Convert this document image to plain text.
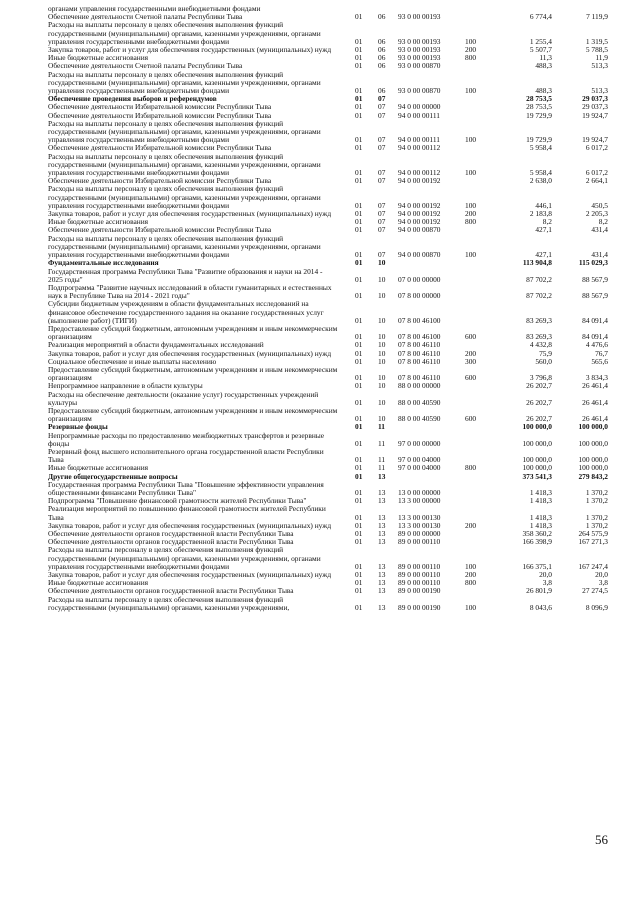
органами управления государственными внебюджетными фондами
Обеспечение деятельности Счетной палаты Республики Тыва	01 06 93 0 00 00193	6 774,4	7 119,9
Расходы на выплаты персоналу в целях обеспечения выполнения функций государственными (муниципальными) органами, казенными учреждениями, органами управления государственными внебюджетными фондами	01 06 93 0 00 00193	100	1 255,4	1 319,5
Закупка товаров, работ и услуг для обеспечения государственных (муниципальных) нужд	01 06 93 0 00 00193	200	5 507,7	5 788,5
Иные бюджетные ассигнования	01 06 93 0 00 00193	800	11,3	11,9
Обеспечение деятельности Счетной палаты Республики Тыва	01 06 93 0 00 00870	488,3	513,3
Расходы на выплаты персоналу в целях обеспечения выполнения функций государственными (муниципальными) органами, казенными учреждениями, органами управления государственными внебюджетными фондами	01 06 93 0 00 00870	100	488,3	513,3
Обеспечение проведения выборов и референдумов	01 07	28 753,5	29 037,3
Обеспечение деятельности Избирательной комиссии Республики Тыва	01 07 94 0 00 00000	28 753,5	29 037,3
Обеспечение деятельности Избирательной комиссии Республики Тыва	01 07 94 0 00 00111	19 729,9	19 924,7
Расходы на выплаты персоналу в целях обеспечения выполнения функций государственными (муниципальными) органами, казенными учреждениями, органами управления государственными внебюджетными фондами	01 07 94 0 00 00111	100	19 729,9	19 924,7
Обеспечение деятельности Избирательной комиссии Республики Тыва	01 07 94 0 00 00112	5 958,4	6 017,2
Расходы на выплаты персоналу в целях обеспечения выполнения функций государственными (муниципальными) органами, казенными учреждениями, органами управления государственными внебюджетными фондами	01 07 94 0 00 00112	100	5 958,4	6 017,2
Обеспечение деятельности Избирательной комиссии Республики Тыва	01 07 94 0 00 00192	2 638,0	2 664,1
Расходы на выплаты персоналу в целях обеспечения выполнения функций государственными (муниципальными) органами, казенными учреждениями, органами управления государственными внебюджетными фондами	01 07 94 0 00 00192	100	446,1	450,5
Закупка товаров, работ и услуг для обеспечения государственных (муниципальных) нужд	01 07 94 0 00 00192	200	2 183,8	2 205,3
Иные бюджетные ассигнования	01 07 94 0 00 00192	800	8,2	8,2
Обеспечение деятельности Избирательной комиссии Республики Тыва	01 07 94 0 00 00870	427,1	431,4
Расходы на выплаты персоналу в целях обеспечения выполнения функций государственными (муниципальными) органами, казенными учреждениями, органами управления государственными внебюджетными фондами	01 07 94 0 00 00870	100	427,1	431,4
Фундаментальные исследования	01 10	113 904,8	115 029,3
Государственная программа Республики Тыва "Развитие образования и науки на 2014 - 2025 годы"	01 10 07 0 00 00000	87 702,2	88 567,9
Подпрограмма "Развитие научных исследований в области гуманитарных и естественных наук в Республике Тыва на 2014 - 2021 годы"	01 10 07 8 00 00000	87 702,2	88 567,9
Субсидии бюджетным учреждениям в области фундаментальных исследований на финансовое обеспечение государственного задания на оказание государственных услуг (выполнение работ) (ТИГИ)	01 10 07 8 00 46100	83 269,3	84 091,4
Предоставление субсидий бюджетным, автономным учреждениям и иным некоммерческим организациям	01 10 07 8 00 46100	600	83 269,3	84 091,4
Реализация мероприятий в области фундаментальных исследований	01 10 07 8 00 46110	4 432,8	4 476,6
Закупка товаров, работ и услуг для обеспечения государственных (муниципальных) нужд	01 10 07 8 00 46110	200	75,9	76,7
Социальное обеспечение и иные выплаты населению	01 10 07 8 00 46110	300	560,0	565,6
Предоставление субсидий бюджетным, автономным учреждениям и иным некоммерческим организациям	01 10 07 8 00 46110	600	3 796,8	3 834,3
Непрограммное направление в области культуры	01 10 88 0 00 00000	26 202,7	26 461,4
Расходы на обеспечение деятельности (оказание услуг) государственных учреждений культуры	01 10 88 0 00 40590	26 202,7	26 461,4
Предоставление субсидий бюджетным, автономным учреждениям и иным некоммерческим организациям	01 10 88 0 00 40590	600	26 202,7	26 461,4
Резервные фонды	01 11	100 000,0	100 000,0
Непрограммные расходы по предоставлению межбюджетных трансфертов и резервные фонды	01 11 97 0 00 00000	100 000,0	100 000,0
Резервный фонд высшего исполнительного органа государственной власти Республики Тыва	01 11 97 0 00 04000	100 000,0	100 000,0
Иные бюджетные ассигнования	01 11 97 0 00 04000	800	100 000,0	100 000,0
Другие общегосударственные вопросы	01 13	373 541,3	279 843,2
Государственная программа Республики Тыва "Повышение эффективности управления общественными финансами Республики Тыва"	01 13 13 0 00 00000	1 418,3	1 370,2
Подпрограмма "Повышение финансовой грамотности жителей Республики Тыва"	01 13 13 3 00 00000	1 418,3	1 370,2
Реализация мероприятий по повышению финансовой грамотности жителей Республики Тыва	01 13 13 3 00 00130	1 418,3	1 370,2
Закупка товаров, работ и услуг для обеспечения государственных (муниципальных) нужд	01 13 13 3 00 00130	200	1 418,3	1 370,2
Обеспечение деятельности органов государственной власти Республики Тыва	01 13 89 0 00 00000	358 360,2	264 575,9
Обеспечение деятельности органов государственной власти Республики Тыва	01 13 89 0 00 00110	166 398,9	167 271,3
Расходы на выплаты персоналу в целях обеспечения выполнения функций государственными (муниципальными) органами, казенными учреждениями, органами управления государственными внебюджетными фондами	01 13 89 0 00 00110	100	166 375,1	167 247,4
Закупка товаров, работ и услуг для обеспечения государственных (муниципальных) нужд	01 13 89 0 00 00110	200	20,0	20,0
Иные бюджетные ассигнования	01 13 89 0 00 00110	800	3,8	3,8
Обеспечение деятельности органов государственной власти Республики Тыва	01 13 89 0 00 00190	26 801,9	27 274,5
Расходы на выплаты персоналу в целях обеспечения выполнения функций государственными (муниципальными) органами, казенными учреждениями,	01 13 89 0 00 00190	100	8 043,6	8 096,9
56
